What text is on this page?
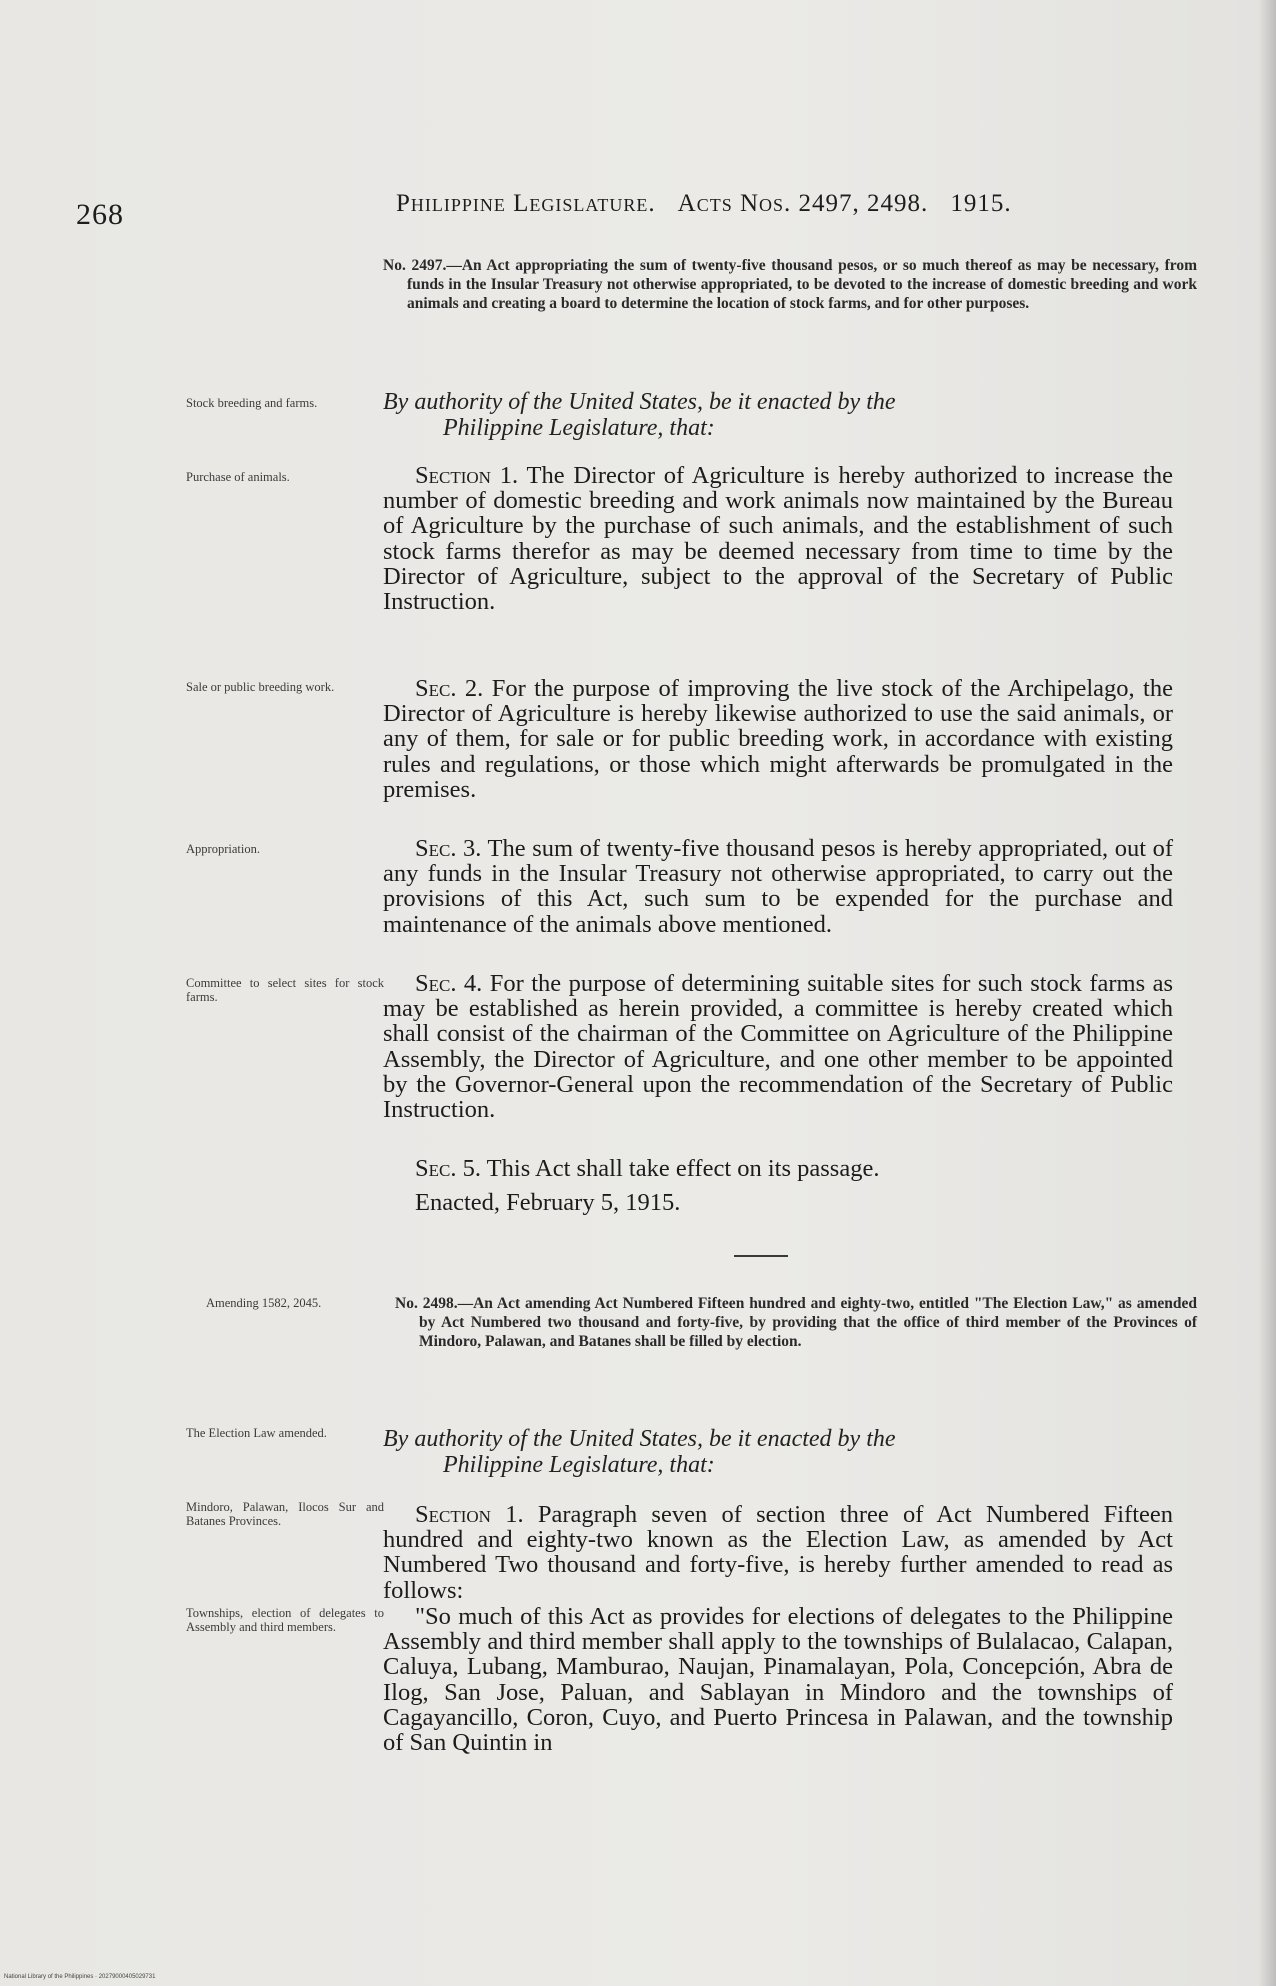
268	Philippine Legislature. Acts Nos. 2497, 2498. 1915.
No. 2497.—An Act appropriating the sum of twenty-five thousand pesos, or so much thereof as may be necessary, from funds in the Insular Treasury not otherwise appropriated, to be devoted to the increase of domestic breeding and work animals and creating a board to determine the location of stock farms, and for other purposes.
Stock breeding and farms.	By authority of the United States, be it enacted by the
Philippine Legislature, that:
Purchase of animals.	Section 1. The Director of Agriculture is hereby authorized to increase the number of domestic breeding and work animals now maintained by the Bureau of Agriculture by the purchase of such animals, and the establishment of such stock farms therefor as may be deemed necessary from time to time by the Director of Agriculture, subject to the approval of the Secretary of Public Instruction.
Sale or public breeding work.	Sec. 2. For the purpose of improving the live stock of the Archipelago, the Director of Agriculture is hereby likewise authorized to use the said animals, or any of them, for sale or for public breeding work, in accordance with existing rules and regulations, or those which might afterwards be promulgated in the premises.
Appropriation.	Sec. 3. The sum of twenty-five thousand pesos is hereby appropriated, out of any funds in the Insular Treasury not otherwise appropriated, to carry out the provisions of this Act, such sum to be expended for the purchase and maintenance of the animals above mentioned.
Committee to select sites for stock farms.	Sec. 4. For the purpose of determining suitable sites for such stock farms as may be established as herein provided, a committee is hereby created which shall consist of the chairman of the Committee on Agriculture of the Philippine Assembly, the Director of Agriculture, and one other member to be appointed by the Governor-General upon the recommendation of the Secretary of Public Instruction.
Sec. 5. This Act shall take effect on its passage.
Enacted, February 5, 1915.
Amending 1582, 2045.	No. 2498.—An Act amending Act Numbered Fifteen hundred and eighty-two, entitled "The Election Law," as amended by Act Numbered two thousand and forty-five, by providing that the office of third member of the Provinces of Mindoro, Palawan, and Batanes shall be filled by election.
The Election Law amended.	By authority of the United States, be it enacted by the
Philippine Legislature, that:
Mindoro, Palawan, Ilocos Sur and Batanes Provinces.	Section 1. Paragraph seven of section three of Act Numbered Fifteen hundred and eighty-two known as the Election Law, as amended by Act Numbered Two thousand and forty-five, is hereby further amended to read as follows:
Townships, election of delegates to Assembly and third members.	"So much of this Act as provides for elections of delegates to the Philippine Assembly and third member shall apply to the townships of Bulalacao, Calapan, Caluya, Lubang, Mamburao, Naujan, Pinamalayan, Pola, Concepción, Abra de Ilog, San Jose, Paluan, and Sablayan in Mindoro and the townships of Cagayancillo, Coron, Cuyo, and Puerto Princesa in Palawan, and the township of San Quintin in
National Library of the Philippines · 20279000405029731
